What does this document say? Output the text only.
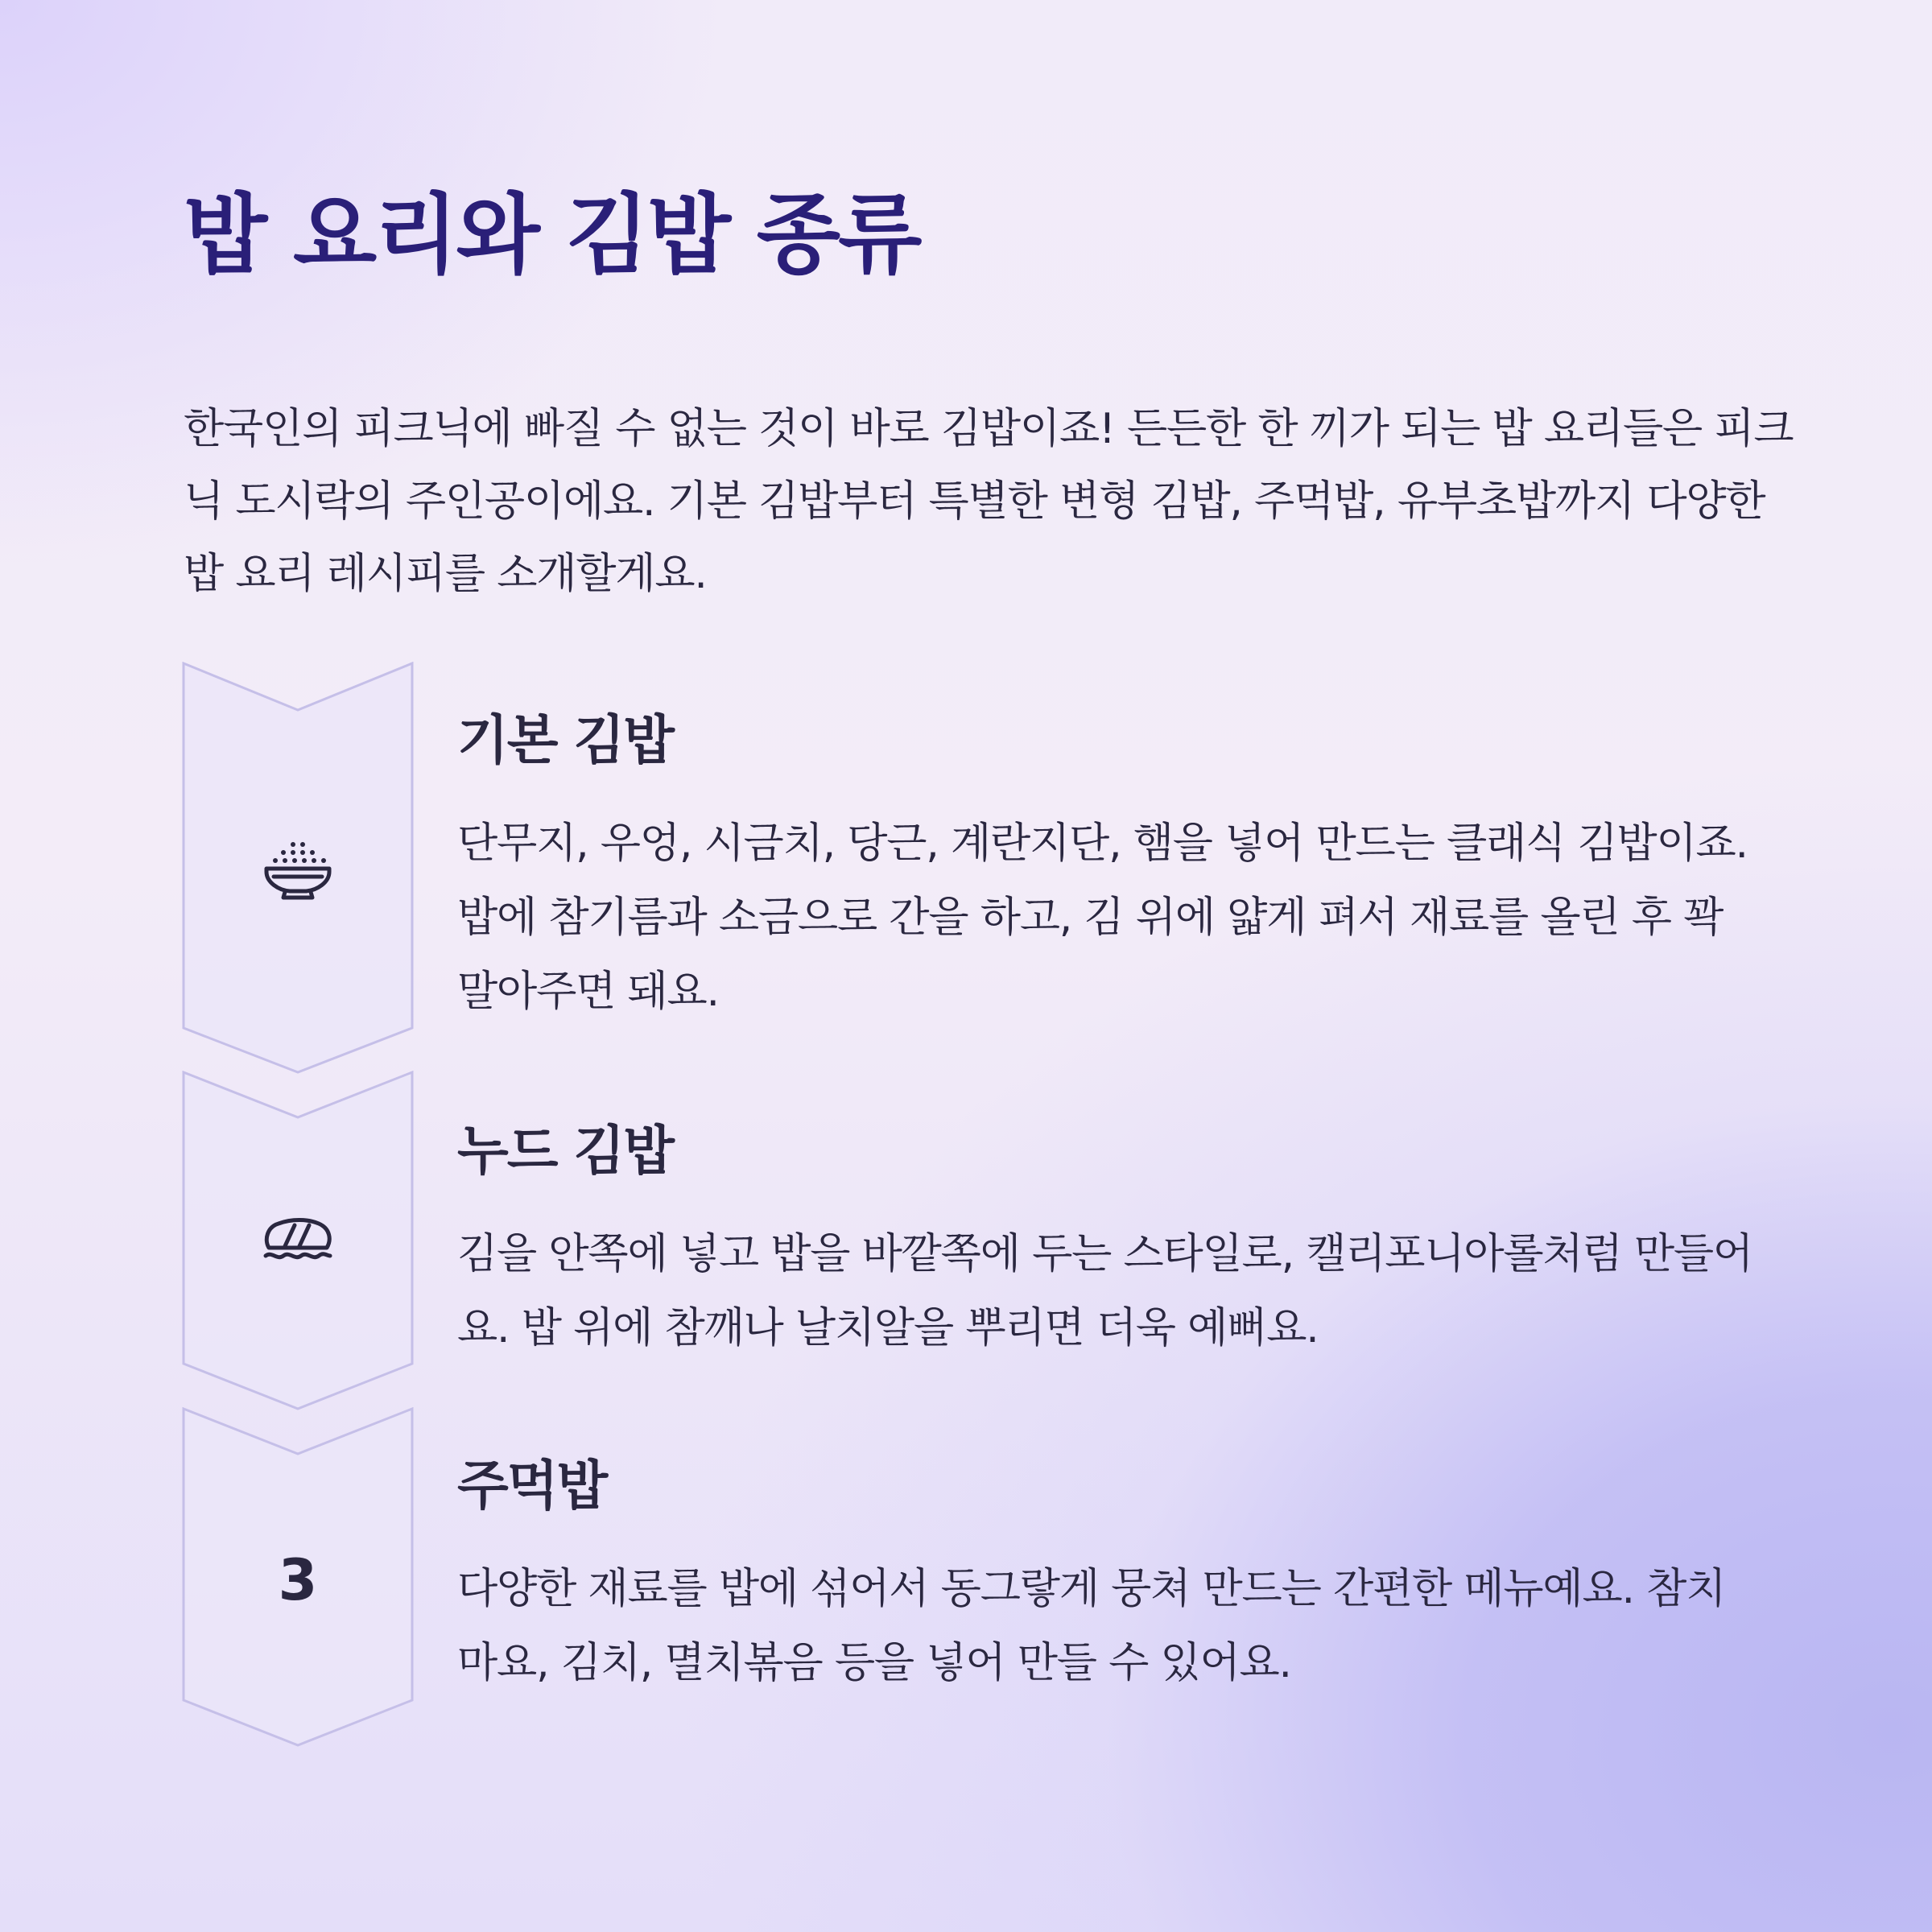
밥 요리와 김밥 종류

한국인의 피크닉에 빠질 수 없는 것이 바로 김밥이죠! 든든한 한 끼가 되는 밥 요리들은 피크닉 도시락의 주인공이에요. 기본 김밥부터 특별한 변형 김밥, 주먹밥, 유부초밥까지 다양한 밥 요리 레시피를 소개할게요.

기본 김밥

단무지, 우엉, 시금치, 당근, 계란지단, 햄을 넣어 만드는 클래식 김밥이죠. 밥에 참기름과 소금으로 간을 하고, 김 위에 얇게 펴서 재료를 올린 후 꽉 말아주면 돼요.

누드 김밥

김을 안쪽에 넣고 밥을 바깥쪽에 두는 스타일로, 캘리포니아롤처럼 만들어요. 밥 위에 참깨나 날치알을 뿌리면 더욱 예뻐요.

3
주먹밥

다양한 재료를 밥에 섞어서 동그랗게 뭉쳐 만드는 간편한 메뉴예요. 참치마요, 김치, 멸치볶음 등을 넣어 만들 수 있어요.
